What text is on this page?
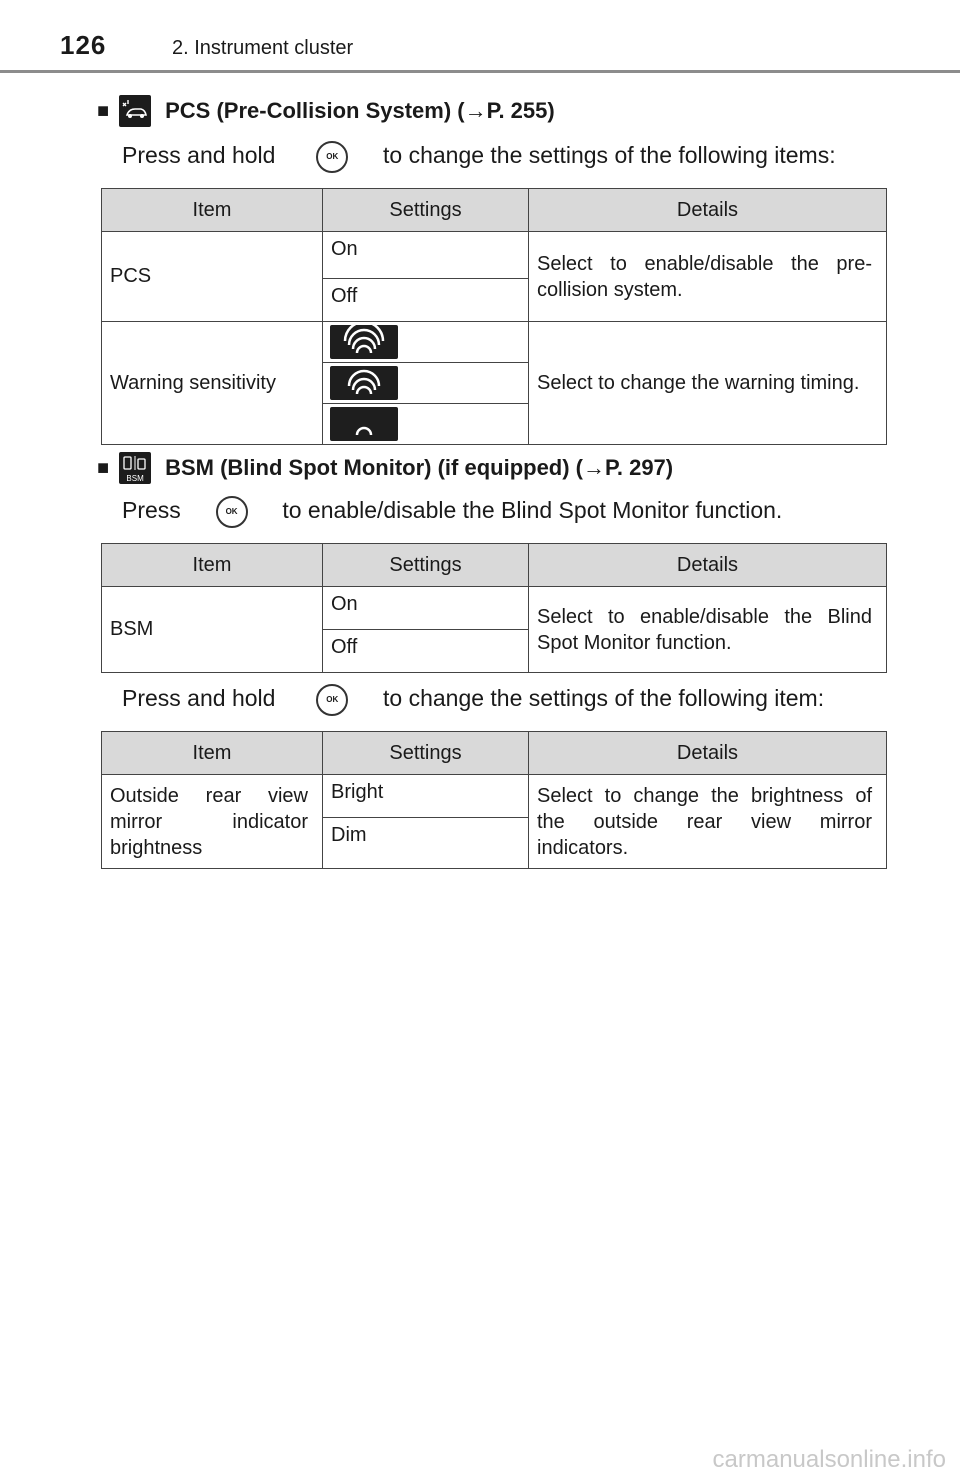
126	2. Instrument cluster
■	PCS (Pre-Collision System) ( → P. 255)
Press and hold	OK to change the settings of the following items:
Item	Settings	Details
PCS	On	Select to enable/disable the pre-collision system.
	Off	
Warning sensitivity		Select to change the warning timing.

■	BSM BSM (Blind Spot Monitor) (if equipped) ( → P. 297)
Press	OK to enable/disable the Blind Spot Monitor function.
Item	Settings	Details
BSM	On	Select to enable/disable the Blind Spot Monitor function.
	Off	
Press and hold	OK to change the settings of the following item:
Item	Settings	Details
Outside rear view mirror indicator brightness	Bright	Select to change the brightness of the outside rear view mirror indicators.
	Dim	
carmanualsonline.info
